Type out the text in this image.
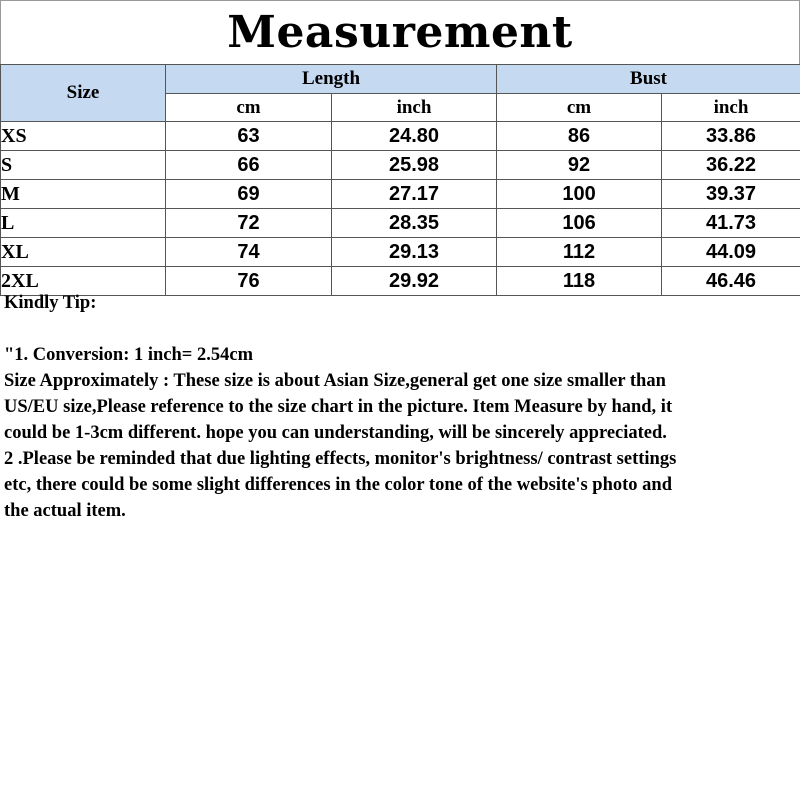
Measurement
Size	Length		Bust	
	cm	inch	cm	inch
XS	63	24.80	86	33.86
S	66	25.98	92	36.22
M	69	27.17	100	39.37
L	72	28.35	106	41.73
XL	74	29.13	112	44.09
2XL	76	29.92	118	46.46

Kindly Tip:

"1. Conversion: 1 inch= 2.54cm

Size Approximately : These size is about Asian Size,general get one size smaller than

US/EU size,Please reference to the size chart in the picture. Item Measure by hand, it

could be 1-3cm different. hope you can understanding, will be sincerely appreciated.

2 .Please be reminded that due lighting effects, monitor's brightness/ contrast settings

etc, there could be some slight differences in the color tone of the website's photo and

the actual item.
